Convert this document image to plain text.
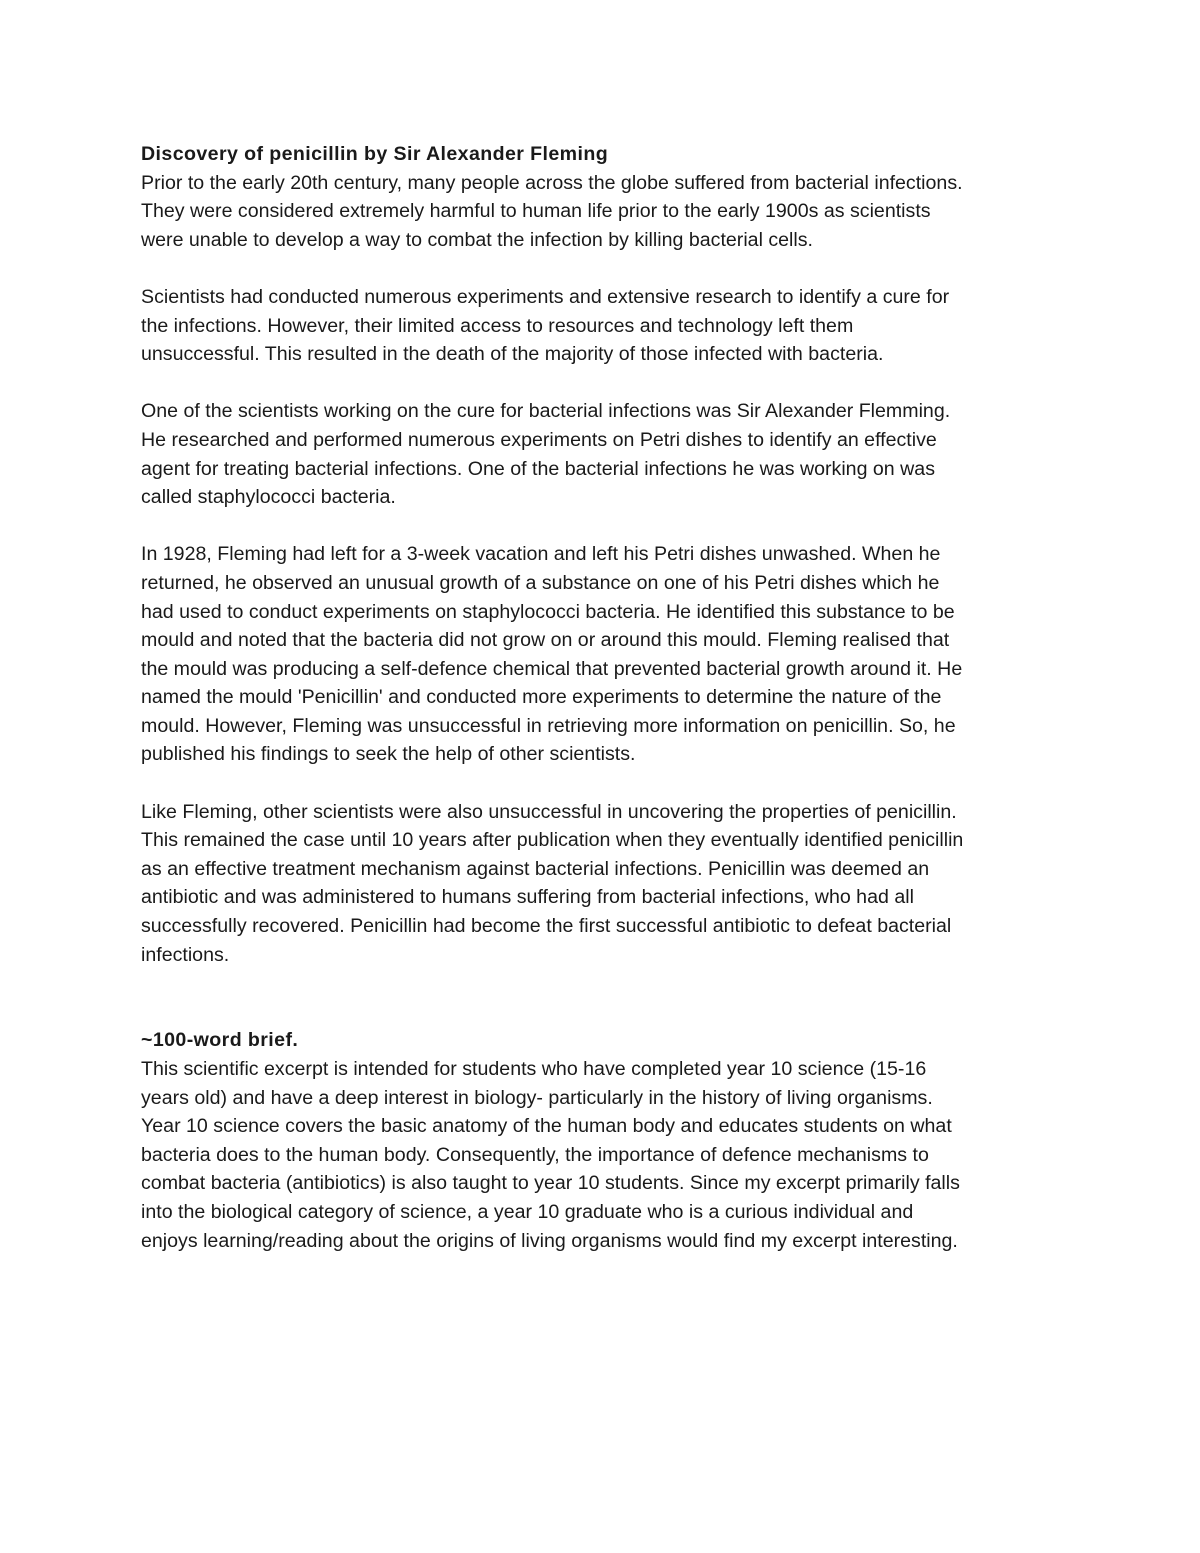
Discovery of penicillin by Sir Alexander Fleming

Prior to the early 20th century, many people across the globe suffered from bacterial infections.
They were considered extremely harmful to human life prior to the early 1900s as scientists
were unable to develop a way to combat the infection by killing bacterial cells.

Scientists had conducted numerous experiments and extensive research to identify a cure for
the infections. However, their limited access to resources and technology left them
unsuccessful. This resulted in the death of the majority of those infected with bacteria.

One of the scientists working on the cure for bacterial infections was Sir Alexander Flemming.
He researched and performed numerous experiments on Petri dishes to identify an effective
agent for treating bacterial infections. One of the bacterial infections he was working on was
called staphylococci bacteria.

In 1928, Fleming had left for a 3-week vacation and left his Petri dishes unwashed. When he
returned, he observed an unusual growth of a substance on one of his Petri dishes which he
had used to conduct experiments on staphylococci bacteria. He identified this substance to be
mould and noted that the bacteria did not grow on or around this mould. Fleming realised that
the mould was producing a self-defence chemical that prevented bacterial growth around it. He
named the mould 'Penicillin' and conducted more experiments to determine the nature of the
mould. However, Fleming was unsuccessful in retrieving more information on penicillin. So, he
published his findings to seek the help of other scientists.

Like Fleming, other scientists were also unsuccessful in uncovering the properties of penicillin.
This remained the case until 10 years after publication when they eventually identified penicillin
as an effective treatment mechanism against bacterial infections. Penicillin was deemed an
antibiotic and was administered to humans suffering from bacterial infections, who had all
successfully recovered. Penicillin had become the first successful antibiotic to defeat bacterial
infections.

~100-word brief.

This scientific excerpt is intended for students who have completed year 10 science (15-16
years old) and have a deep interest in biology- particularly in the history of living organisms.
Year 10 science covers the basic anatomy of the human body and educates students on what
bacteria does to the human body. Consequently, the importance of defence mechanisms to
combat bacteria (antibiotics) is also taught to year 10 students. Since my excerpt primarily falls
into the biological category of science, a year 10 graduate who is a curious individual and
enjoys learning/reading about the origins of living organisms would find my excerpt interesting.
